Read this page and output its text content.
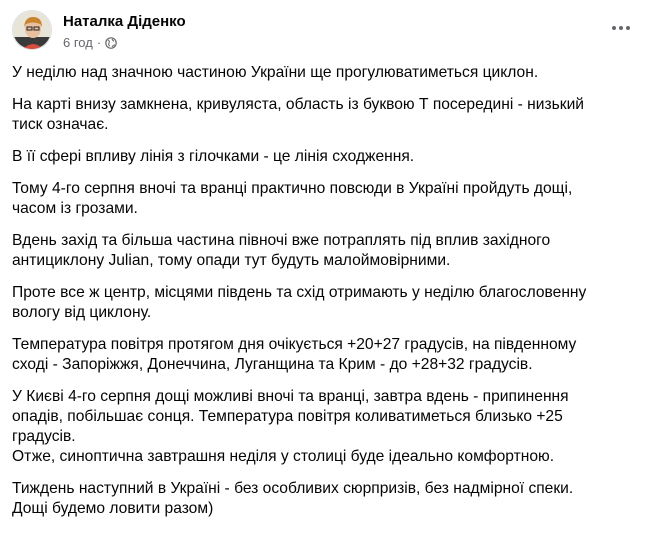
Наталка Діденко
6 год ·
У неділю над значною частиною України ще прогулюватиметься циклон.
На карті внизу замкнена, кривуляста, область із буквою Т посередині - низький
тиск означає.
В її сфері впливу лінія з гілочками - це лінія сходження.
Тому 4-го серпня вночі та вранці практично повсюди в Україні пройдуть дощі,
часом із грозами.
Вдень захід та більша частина півночі вже потраплять під вплив західного
антициклону Julian, тому опади тут будуть малоймовірними.
Проте все ж центр, місцями південь та схід отримають у неділю благословенну
вологу від циклону.
Температура повітря протягом дня очікується +20+27 градусів, на південному
сході - Запоріжжя, Донеччина, Луганщина та Крим - до +28+32 градусів.
У Києві 4-го серпня дощі можливі вночі та вранці, завтра вдень - припинення
опадів, побільшає сонця. Температура повітря коливатиметься близько +25
градусів.
Отже, синоптична завтрашня неділя у столиці буде ідеально комфортною.
Тиждень наступний в Україні - без особливих сюрпризів, без надмірної спеки.
Дощі будемо ловити разом)
